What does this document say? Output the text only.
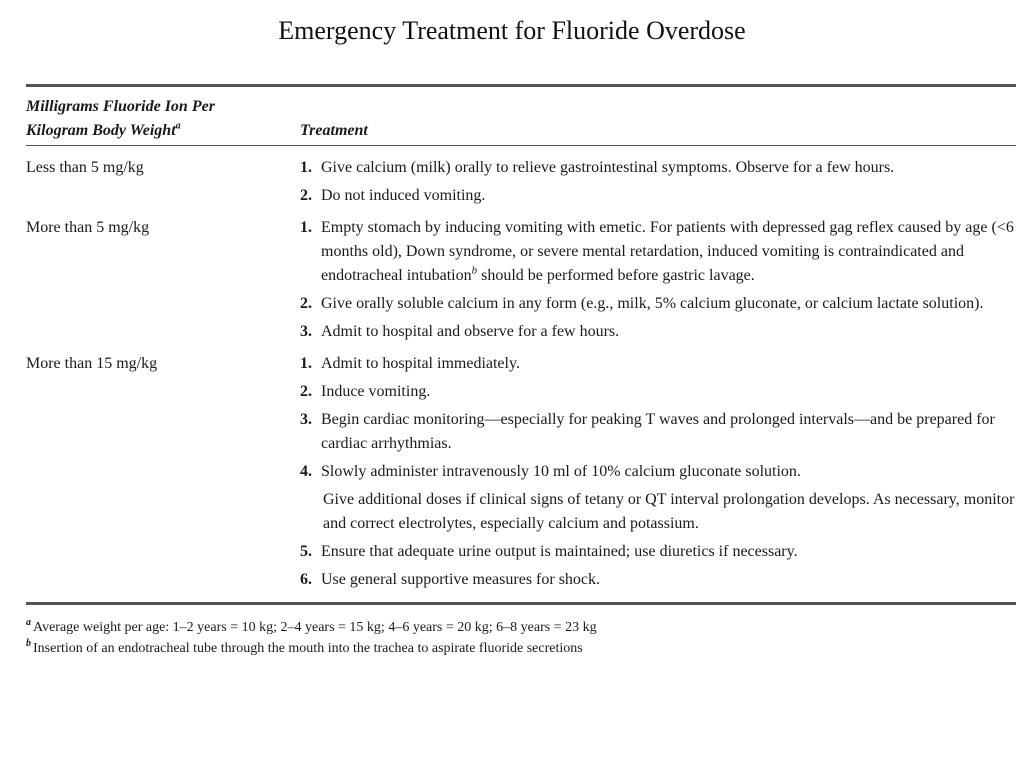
Emergency Treatment for Fluoride Overdose
Milligrams Fluoride Ion Per
Kilogram Body Weight$^a$	Treatment
Less than 5 mg/kg	1. Give calcium (milk) orally to relieve gastrointestinal symptoms. Observe for a few hours.
2. Do not induced vomiting.
More than 5 mg/kg	1. Empty stomach by inducing vomiting with emetic. For patients with depressed gag reflex caused by age (<6 months old), Down syndrome, or severe mental retardation, induced vomiting is contraindicated and endotracheal intubation$^b$ should be performed before gastric lavage.
2. Give orally soluble calcium in any form (e.g., milk, 5% calcium gluconate, or calcium lactate solution).
3. Admit to hospital and observe for a few hours.
More than 15 mg/kg	1. Admit to hospital immediately.
2. Induce vomiting.
3. Begin cardiac monitoring—especially for peaking T waves and prolonged intervals—and be prepared for cardiac arrhythmias.
4. Slowly administer intravenously 10 ml of 10% calcium gluconate solution.
Give additional doses if clinical signs of tetany or QT interval prolongation develops. As necessary, monitor and correct electrolytes, especially calcium and potassium.
5. Ensure that adequate urine output is maintained; use diuretics if necessary.
6. Use general supportive measures for shock.
$^a$ Average weight per age: 1–2 years = 10 kg; 2–4 years = 15 kg; 4–6 years = 20 kg; 6–8 years = 23 kg
$^b$ Insertion of an endotracheal tube through the mouth into the trachea to aspirate fluoride secretions
